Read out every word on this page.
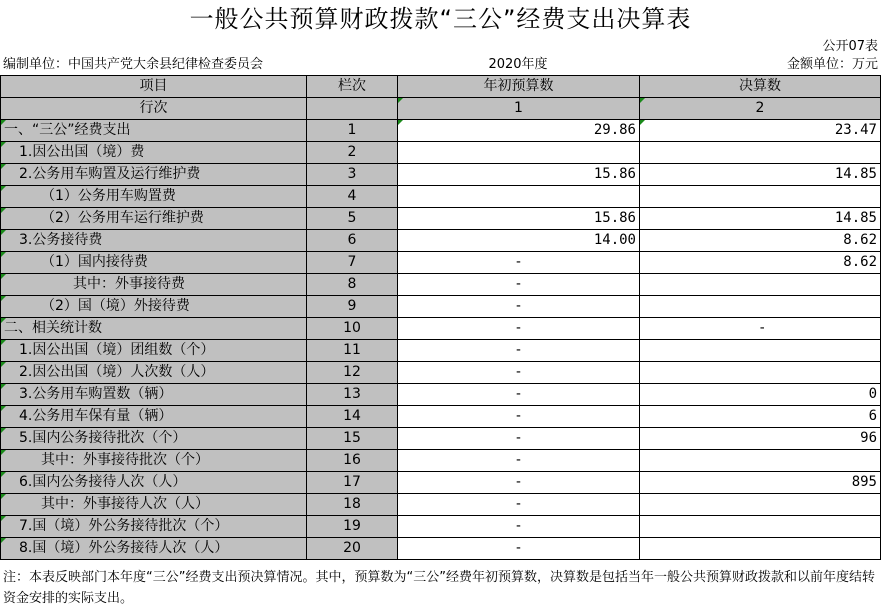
一般公共预算财政拨款“三公”经费支出决算表
公开07表
编制单位：中国共产党大余县纪律检查委员会	2020年度	金额单位：万元
项目	栏次	年初预算数	决算数
行次		1	2
一、“三公”经费支出	1	29.86	23.47
1.因公出国（境）费	2		
2.公务用车购置及运行维护费	3	15.86	14.85
（1）公务用车购置费	4		
（2）公务用车运行维护费	5	15.86	14.85
3.公务接待费	6	14.00	8.62
（1）国内接待费	7	-	8.62
其中：外事接待费	8	-	
（2）国（境）外接待费	9	-	
二、相关统计数	10	-	-
1.因公出国（境）团组数（个）	11	-	
2.因公出国（境）人次数（人）	12	-	
3.公务用车购置数（辆）	13	-	0
4.公务用车保有量（辆）	14	-	6
5.国内公务接待批次（个）	15	-	96
其中：外事接待批次（个）	16	-	
6.国内公务接待人次（人）	17	-	895
其中：外事接待人次（人）	18	-	
7.国（境）外公务接待批次（个）	19	-	
8.国（境）外公务接待人次（人）	20	-	
注：本表反映部门本年度“三公”经费支出预决算情况。其中，预算数为“三公”经费年初预算数，决算数是包括当年一般公共预算财政拨款和以前年度结转资金安排的实际支出。
